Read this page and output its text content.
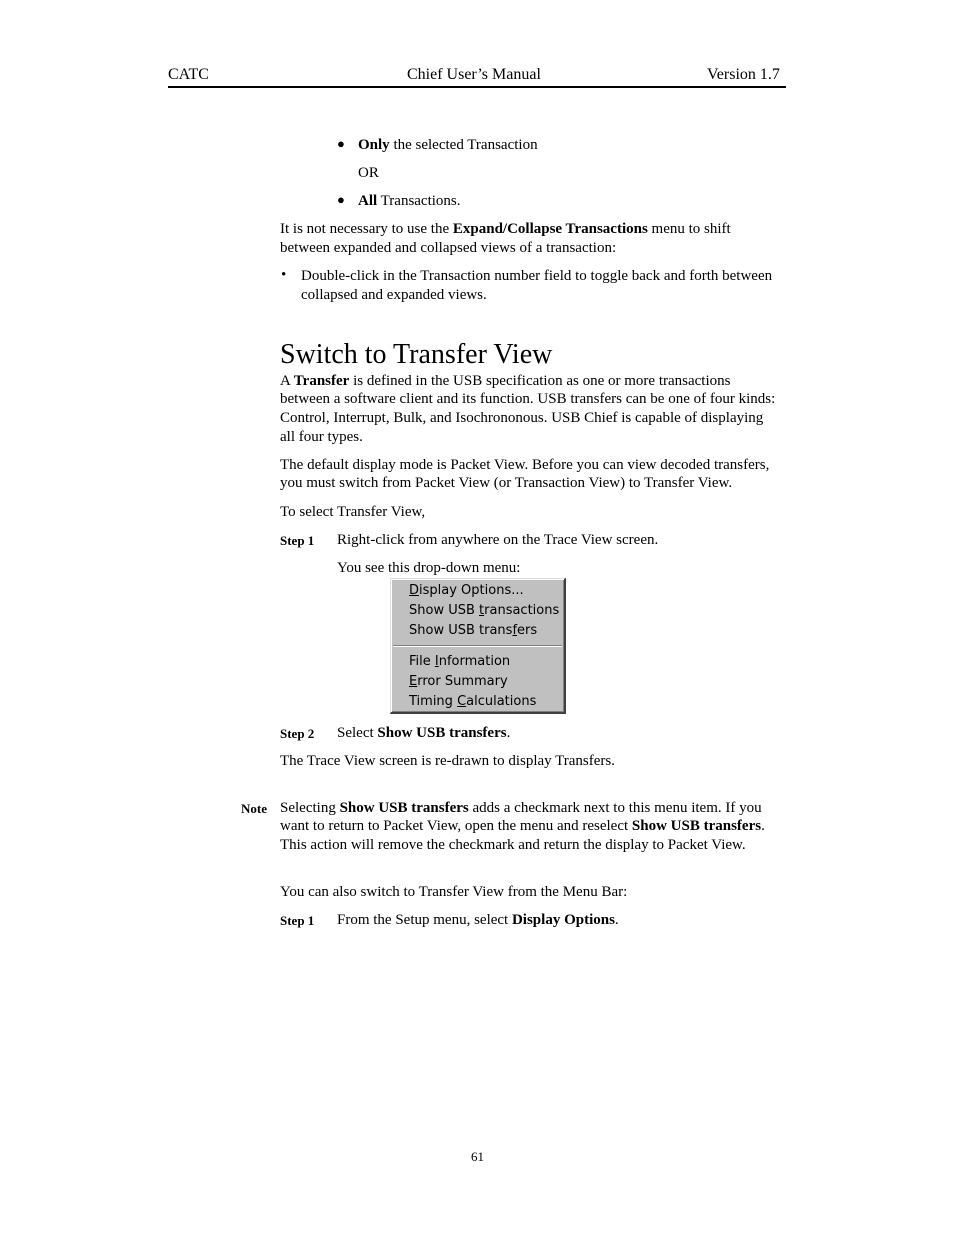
CATC	Chief User’s Manual	Version 1.7
● Only the selected Transaction
OR
● All Transactions.
It is not necessary to use the Expand/Collapse Transactions menu to shift
between expanded and collapsed views of a transaction:
• Double-click in the Transaction number field to toggle back and forth between
collapsed and expanded views.
Switch to Transfer View
A Transfer is defined in the USB specification as one or more transactions
between a software client and its function. USB transfers can be one of four kinds:
Control, Interrupt, Bulk, and Isochrononous. USB Chief is capable of displaying
all four types.
The default display mode is Packet View. Before you can view decoded transfers,
you must switch from Packet View (or Transaction View) to Transfer View.
To select Transfer View,
Step 1 Right-click from anywhere on the Trace View screen.
You see this drop-down menu:
Display Options...
Show USB transactions
Show USB transfers
File Information
Error Summary
Timing Calculations
Step 2 Select Show USB transfers.
The Trace View screen is re-drawn to display Transfers.
Note Selecting Show USB transfers adds a checkmark next to this menu item. If you
want to return to Packet View, open the menu and reselect Show USB transfers.
This action will remove the checkmark and return the display to Packet View.
You can also switch to Transfer View from the Menu Bar:
Step 1 From the Setup menu, select Display Options.
61
